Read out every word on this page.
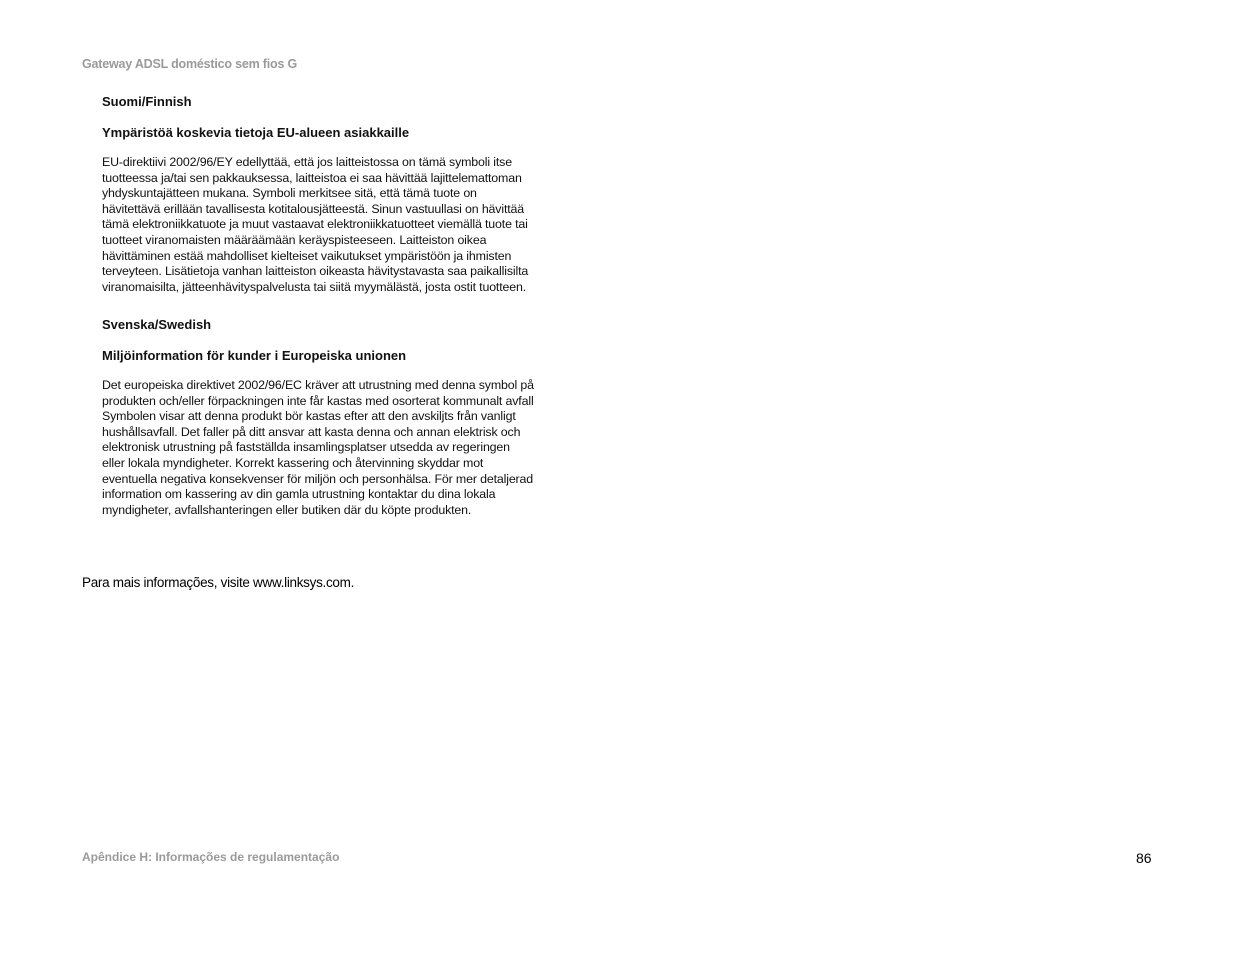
Gateway ADSL doméstico sem fios G
Suomi/Finnish
Ympäristöä koskevia tietoja EU-alueen asiakkaille
EU-direktiivi 2002/96/EY edellyttää, että jos laitteistossa on tämä symboli itse
tuotteessa ja/tai sen pakkauksessa, laitteistoa ei saa hävittää lajittelemattoman
yhdyskuntajätteen mukana. Symboli merkitsee sitä, että tämä tuote on
hävitettävä erillään tavallisesta kotitalousjätteestä. Sinun vastuullasi on hävittää
tämä elektroniikkatuote ja muut vastaavat elektroniikkatuotteet viemällä tuote tai
tuotteet viranomaisten määräämään keräyspisteeseen. Laitteiston oikea
hävittäminen estää mahdolliset kielteiset vaikutukset ympäristöön ja ihmisten
terveyteen. Lisätietoja vanhan laitteiston oikeasta hävitystavasta saa paikallisilta
viranomaisilta, jätteenhävityspalvelusta tai siitä myymälästä, josta ostit tuotteen.
Svenska/Swedish
Miljöinformation för kunder i Europeiska unionen
Det europeiska direktivet 2002/96/EC kräver att utrustning med denna symbol på
produkten och/eller förpackningen inte får kastas med osorterat kommunalt avfall
Symbolen visar att denna produkt bör kastas efter att den avskiljts från vanligt
hushållsavfall. Det faller på ditt ansvar att kasta denna och annan elektrisk och
elektronisk utrustning på fastställda insamlingsplatser utsedda av regeringen
eller lokala myndigheter. Korrekt kassering och återvinning skyddar mot
eventuella negativa konsekvenser för miljön och personhälsa. För mer detaljerad
information om kassering av din gamla utrustning kontaktar du dina lokala
myndigheter, avfallshanteringen eller butiken där du köpte produkten.
Para mais informações, visite www.linksys.com.
Apêndice H: Informações de regulamentação	86
